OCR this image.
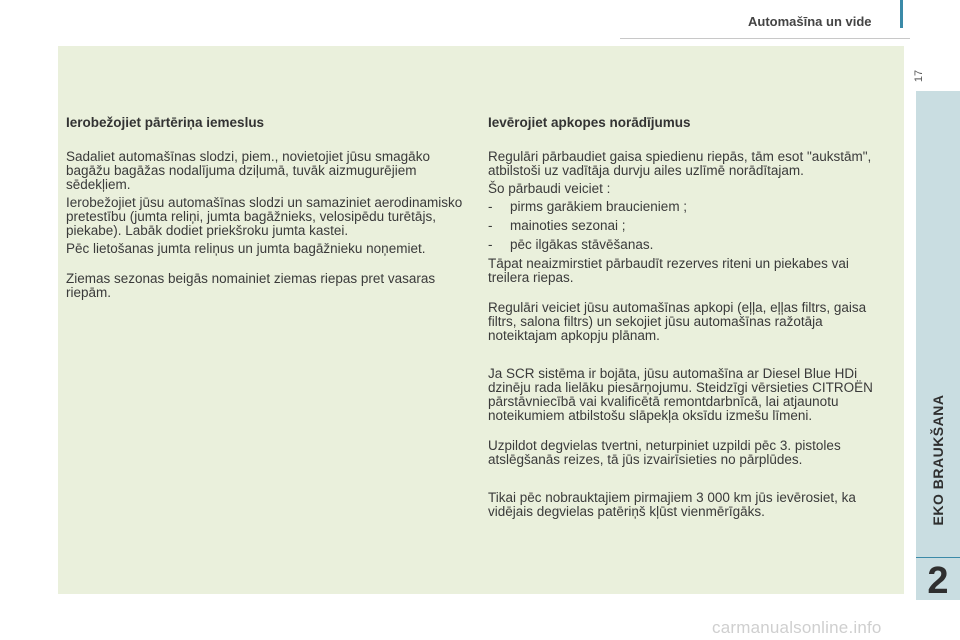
Automašīna un vide
17
Ierobežojiet pārtēriņa iemeslus

Sadaliet automašīnas slodzi, piem., novietojiet jūsu smagāko bagāžu bagāžas nodalījuma dziļumā, tuvāk aizmugurējiem sēdekļiem.

Ierobežojiet jūsu automašīnas slodzi un samaziniet aerodinamisko pretestību (jumta reliņi, jumta bagāžnieks, velosipēdu turētājs, piekabe). Labāk dodiet priekšroku jumta kastei.

Pēc lietošanas jumta reliņus un jumta bagāžnieku noņemiet.

Ziemas sezonas beigās nomainiet ziemas riepas pret vasaras riepām.

Ievērojiet apkopes norādījumus

Regulāri pārbaudiet gaisa spiedienu riepās, tām esot "aukstām", atbilstoši uz vadītāja durvju ailes uzlīmē norādītajam.

Šo pārbaudi veiciet :

-	pirms garākiem braucieniem ;
-	mainoties sezonai ;
-	pēc ilgākas stāvēšanas.

Tāpat neaizmirstiet pārbaudīt rezerves riteni un piekabes vai treilera riepas.

Regulāri veiciet jūsu automašīnas apkopi (eļļa, eļļas filtrs, gaisa filtrs, salona filtrs) un sekojiet jūsu automašīnas ražotāja noteiktajam apkopju plānam.

Ja SCR sistēma ir bojāta, jūsu automašīna ar Diesel Blue HDi dzinēju rada lielāku piesārņojumu. Steidzīgi vērsieties CITROËN pārstāvniecībā vai kvalificētā remontdarbnīcā, lai atjaunotu noteikumiem atbilstošu slāpekļa oksīdu izmešu līmeni.

Uzpildot degvielas tvertni, neturpiniet uzpildi pēc 3. pistoles atslēgšanās reizes, tā jūs izvairīsieties no pārplūdes.

Tikai pēc nobrauktajiem pirmajiem 3 000 km jūs ievērosiet, ka vidējais degvielas patēriņš kļūst vienmērīgāks.	EKO BRAUKŠANA
2
carmanualsonline.info
